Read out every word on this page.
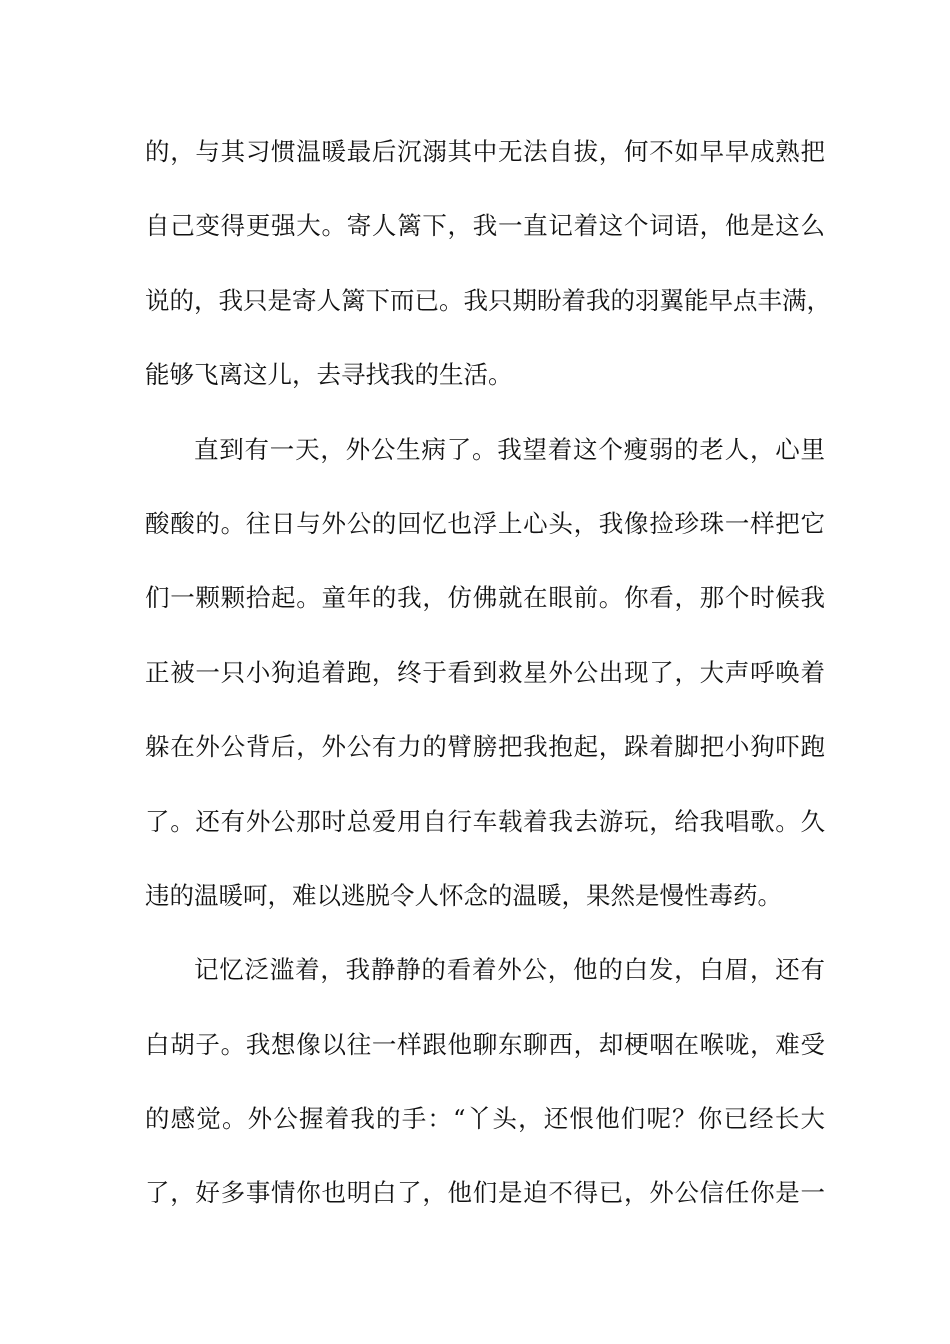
的，与其习惯温暖最后沉溺其中无法自拔，何不如早早成熟把
自己变得更强大。寄人篱下，我一直记着这个词语，他是这么
说的，我只是寄人篱下而已。我只期盼着我的羽翼能早点丰满，
能够飞离这儿，去寻找我的生活。
直到有一天，外公生病了。我望着这个瘦弱的老人，心里
酸酸的。往日与外公的回忆也浮上心头，我像捡珍珠一样把它
们一颗颗拾起。童年的我，仿佛就在眼前。你看，那个时候我
正被一只小狗追着跑，终于看到救星外公出现了，大声呼唤着
躲在外公背后，外公有力的臂膀把我抱起，跺着脚把小狗吓跑
了。还有外公那时总爱用自行车载着我去游玩，给我唱歌。久
违的温暖呵，难以逃脱令人怀念的温暖，果然是慢性毒药。
记忆泛滥着，我静静的看着外公，他的白发，白眉，还有
白胡子。我想像以往一样跟他聊东聊西，却梗咽在喉咙，难受
的感觉。外公握着我的手：“丫头，还恨他们呢？你已经长大
了，好多事情你也明白了，他们是迫不得已，外公信任你是一
